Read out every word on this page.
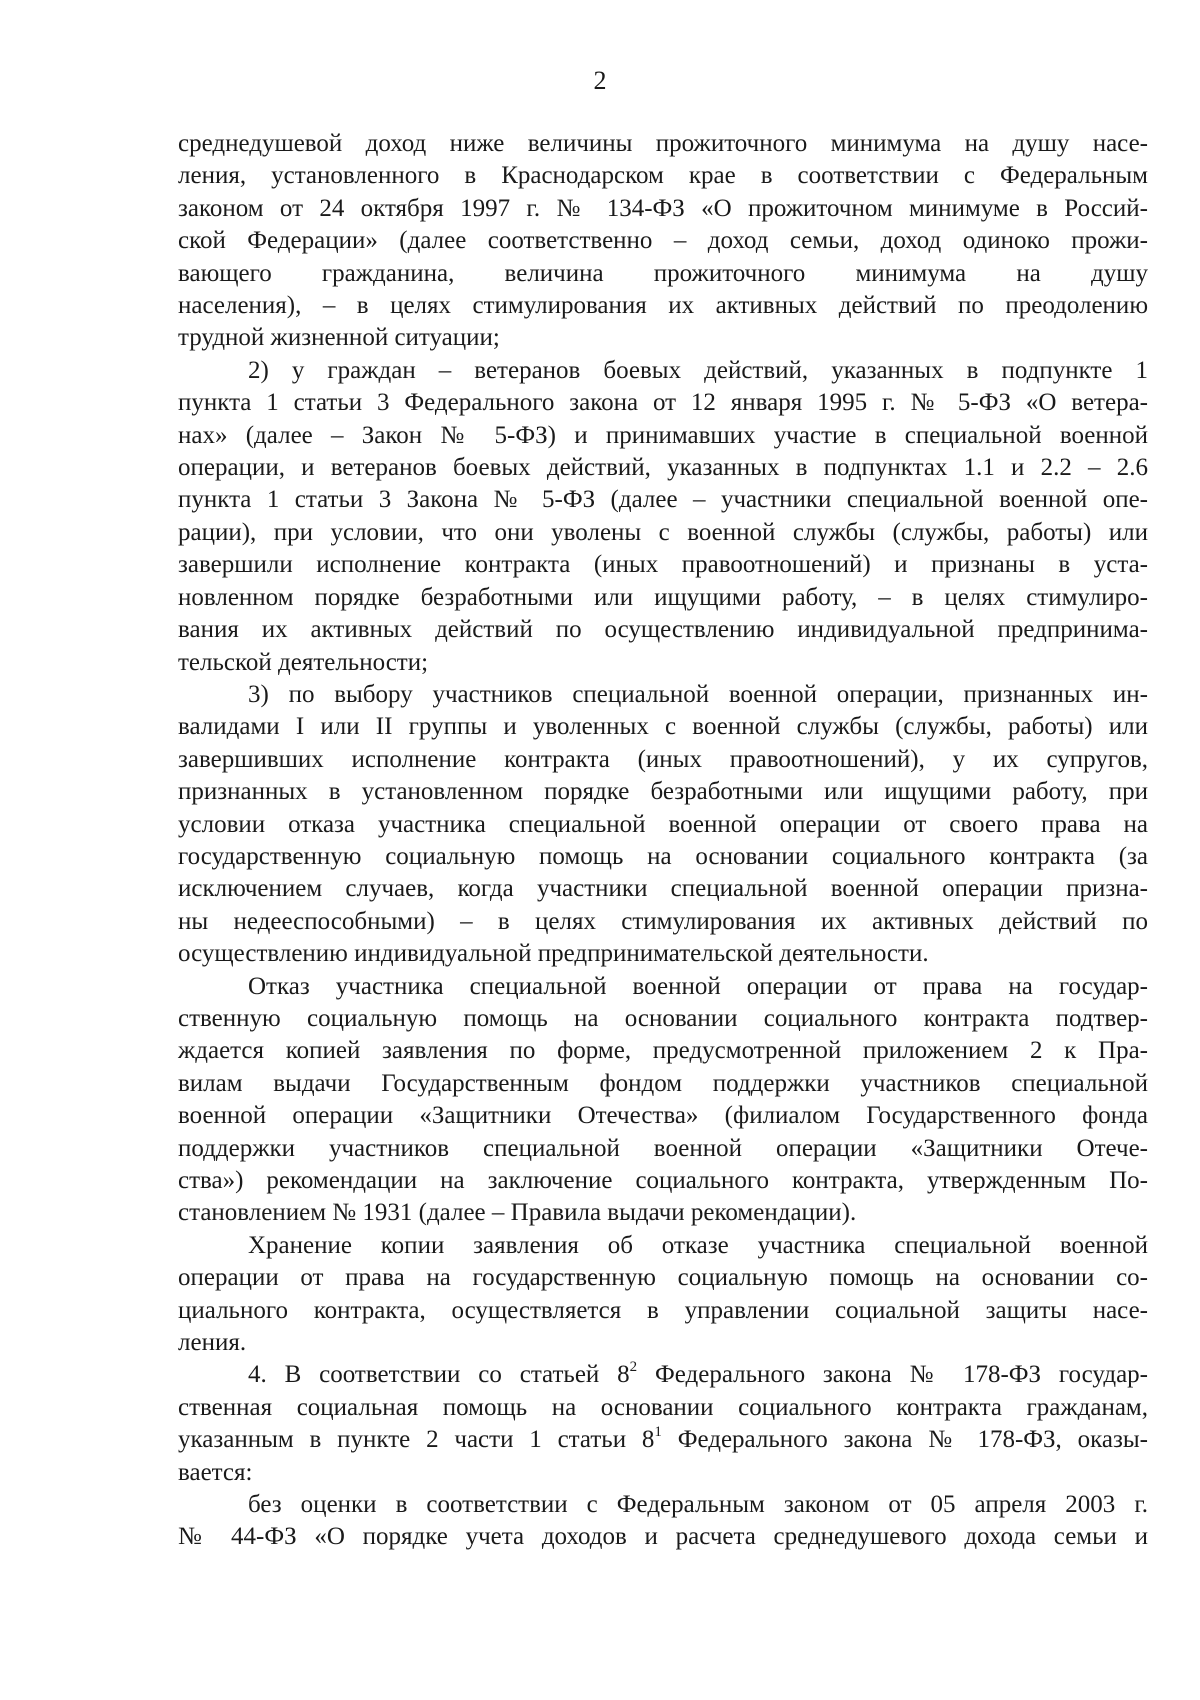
2
среднедушевой доход ниже величины прожиточного минимума на душу насе-
ления, установленного в Краснодарском крае в соответствии с Федеральным
законом от 24 октября 1997 г. № 134-ФЗ «О прожиточном минимуме в Россий-
ской Федерации» (далее соответственно – доход семьи, доход одиноко прожи-
вающего гражданина, величина прожиточного минимума на душу
населения), – в целях стимулирования их активных действий по преодолению
трудной жизненной ситуации;
2) у граждан – ветеранов боевых действий, указанных в подпункте 1
пункта 1 статьи 3 Федерального закона от 12 января 1995 г. № 5-ФЗ «О ветера-
нах» (далее – Закон № 5-ФЗ) и принимавших участие в специальной военной
операции, и ветеранов боевых действий, указанных в подпунктах 1.1 и 2.2 – 2.6
пункта 1 статьи 3 Закона № 5-ФЗ (далее – участники специальной военной опе-
рации), при условии, что они уволены с военной службы (службы, работы) или
завершили исполнение контракта (иных правоотношений) и признаны в уста-
новленном порядке безработными или ищущими работу, – в целях стимулиро-
вания их активных действий по осуществлению индивидуальной предпринима-
тельской деятельности;
3) по выбору участников специальной военной операции, признанных ин-
валидами I или II группы и уволенных с военной службы (службы, работы) или
завершивших исполнение контракта (иных правоотношений), у их супругов,
признанных в установленном порядке безработными или ищущими работу, при
условии отказа участника специальной военной операции от своего права на
государственную социальную помощь на основании социального контракта (за
исключением случаев, когда участники специальной военной операции призна-
ны недееспособными) – в целях стимулирования их активных действий по
осуществлению индивидуальной предпринимательской деятельности.
Отказ участника специальной военной операции от права на государ-
ственную социальную помощь на основании социального контракта подтвер-
ждается копией заявления по форме, предусмотренной приложением 2 к Пра-
вилам выдачи Государственным фондом поддержки участников специальной
военной операции «Защитники Отечества» (филиалом Государственного фонда
поддержки участников специальной военной операции «Защитники Отече-
ства») рекомендации на заключение социального контракта, утвержденным По-
становлением № 1931 (далее – Правила выдачи рекомендации).
Хранение копии заявления об отказе участника специальной военной
операции от права на государственную социальную помощь на основании со-
циального контракта, осуществляется в управлении социальной защиты насе-
ления.
4. В соответствии со статьей $8^2$ Федерального закона № 178-ФЗ государ-
ственная социальная помощь на основании социального контракта гражданам,
указанным в пункте 2 части 1 статьи $8^1$ Федерального закона № 178-ФЗ, оказы-
вается:
без оценки в соответствии с Федеральным законом от 05 апреля 2003 г.
№ 44-ФЗ «О порядке учета доходов и расчета среднедушевого дохода семьи и
